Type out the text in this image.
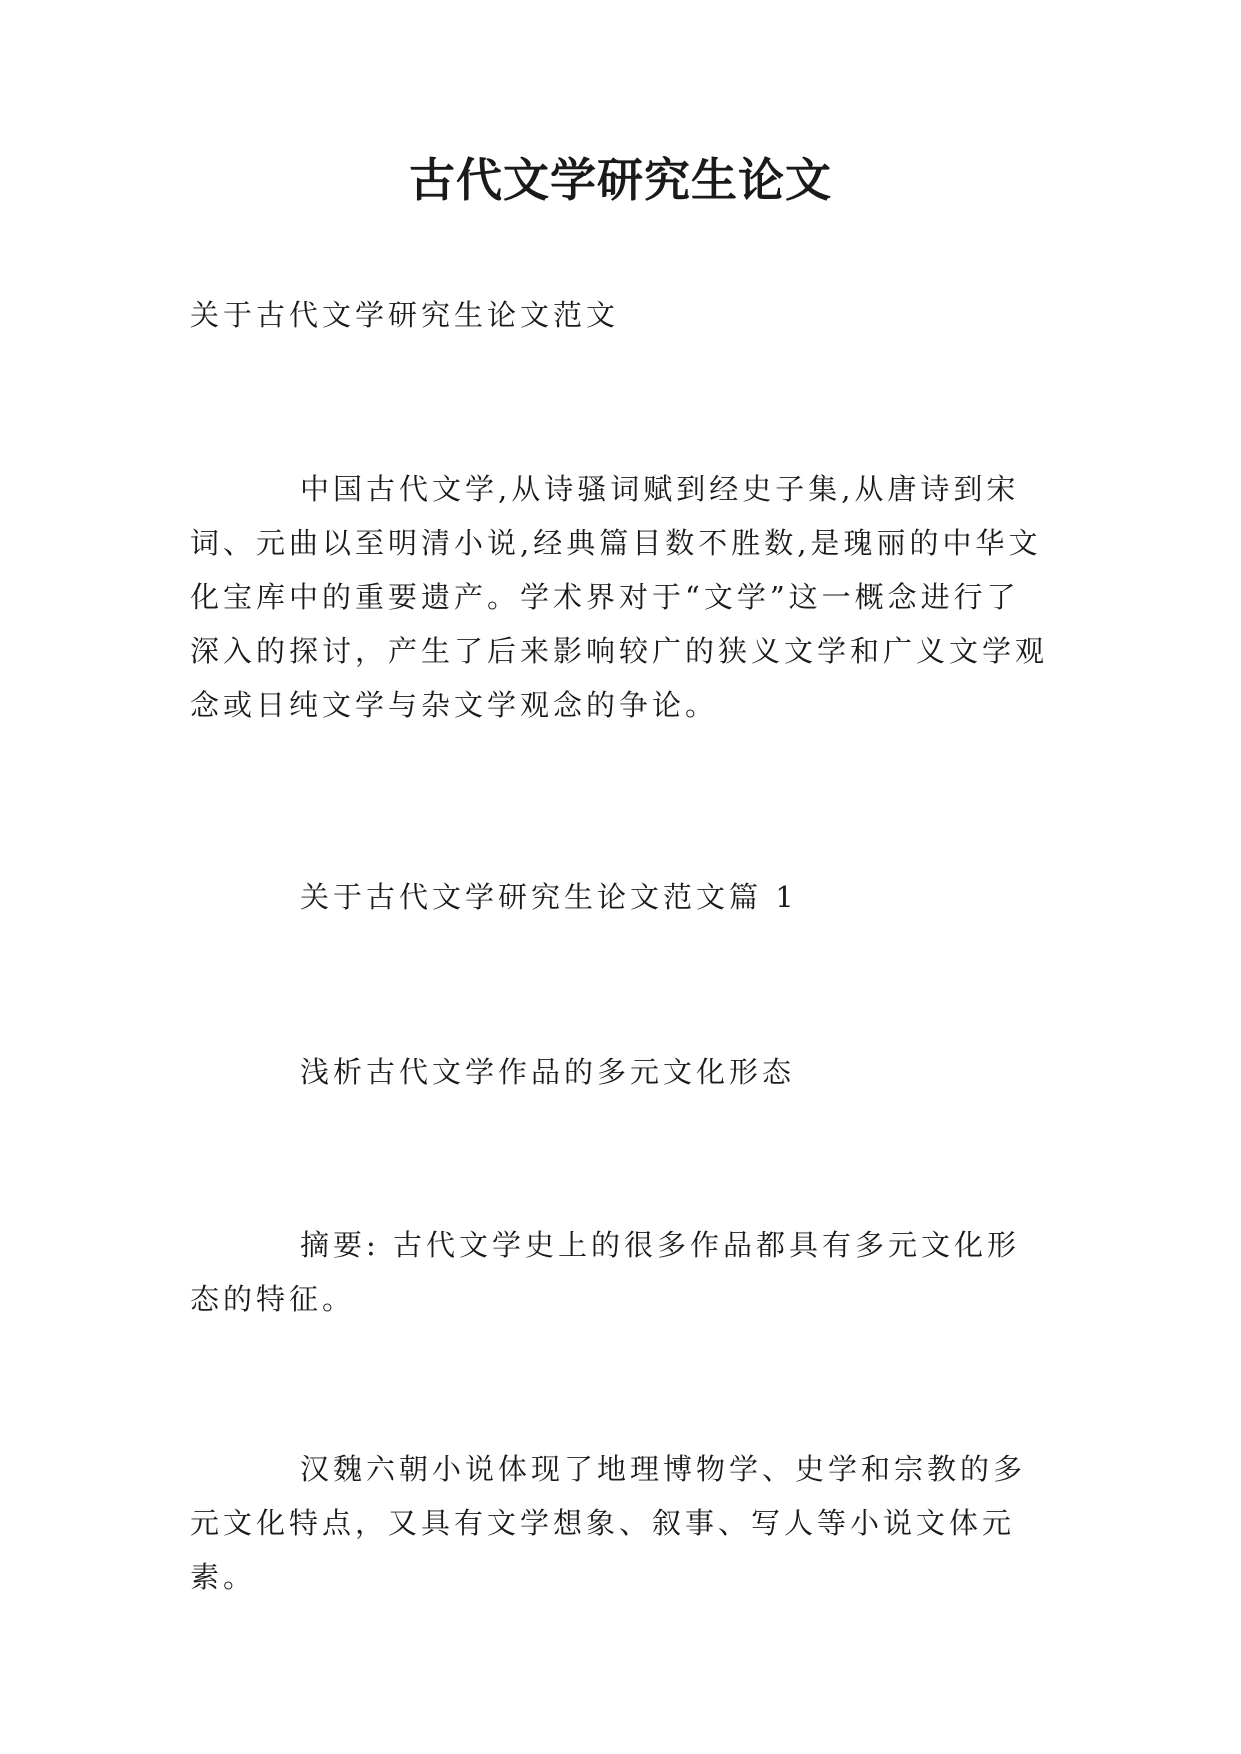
古代文学研究生论文

关于古代文学研究生论文范文

中国古代文学,从诗骚词赋到经史子集,从唐诗到宋词、元曲以至明清小说,经典篇目数不胜数,是瑰丽的中华文化宝库中的重要遗产。学术界对于“文学”这一概念进行了深入的探讨，产生了后来影响较广的狭义文学和广义文学观念或日纯文学与杂文学观念的争论。

关于古代文学研究生论文范文篇 1

浅析古代文学作品的多元文化形态

摘要: 古代文学史上的很多作品都具有多元文化形态的特征。

汉魏六朝小说体现了地理博物学、史学和宗教的多元文化特点，又具有文学想象、叙事、写人等小说文体元素。
